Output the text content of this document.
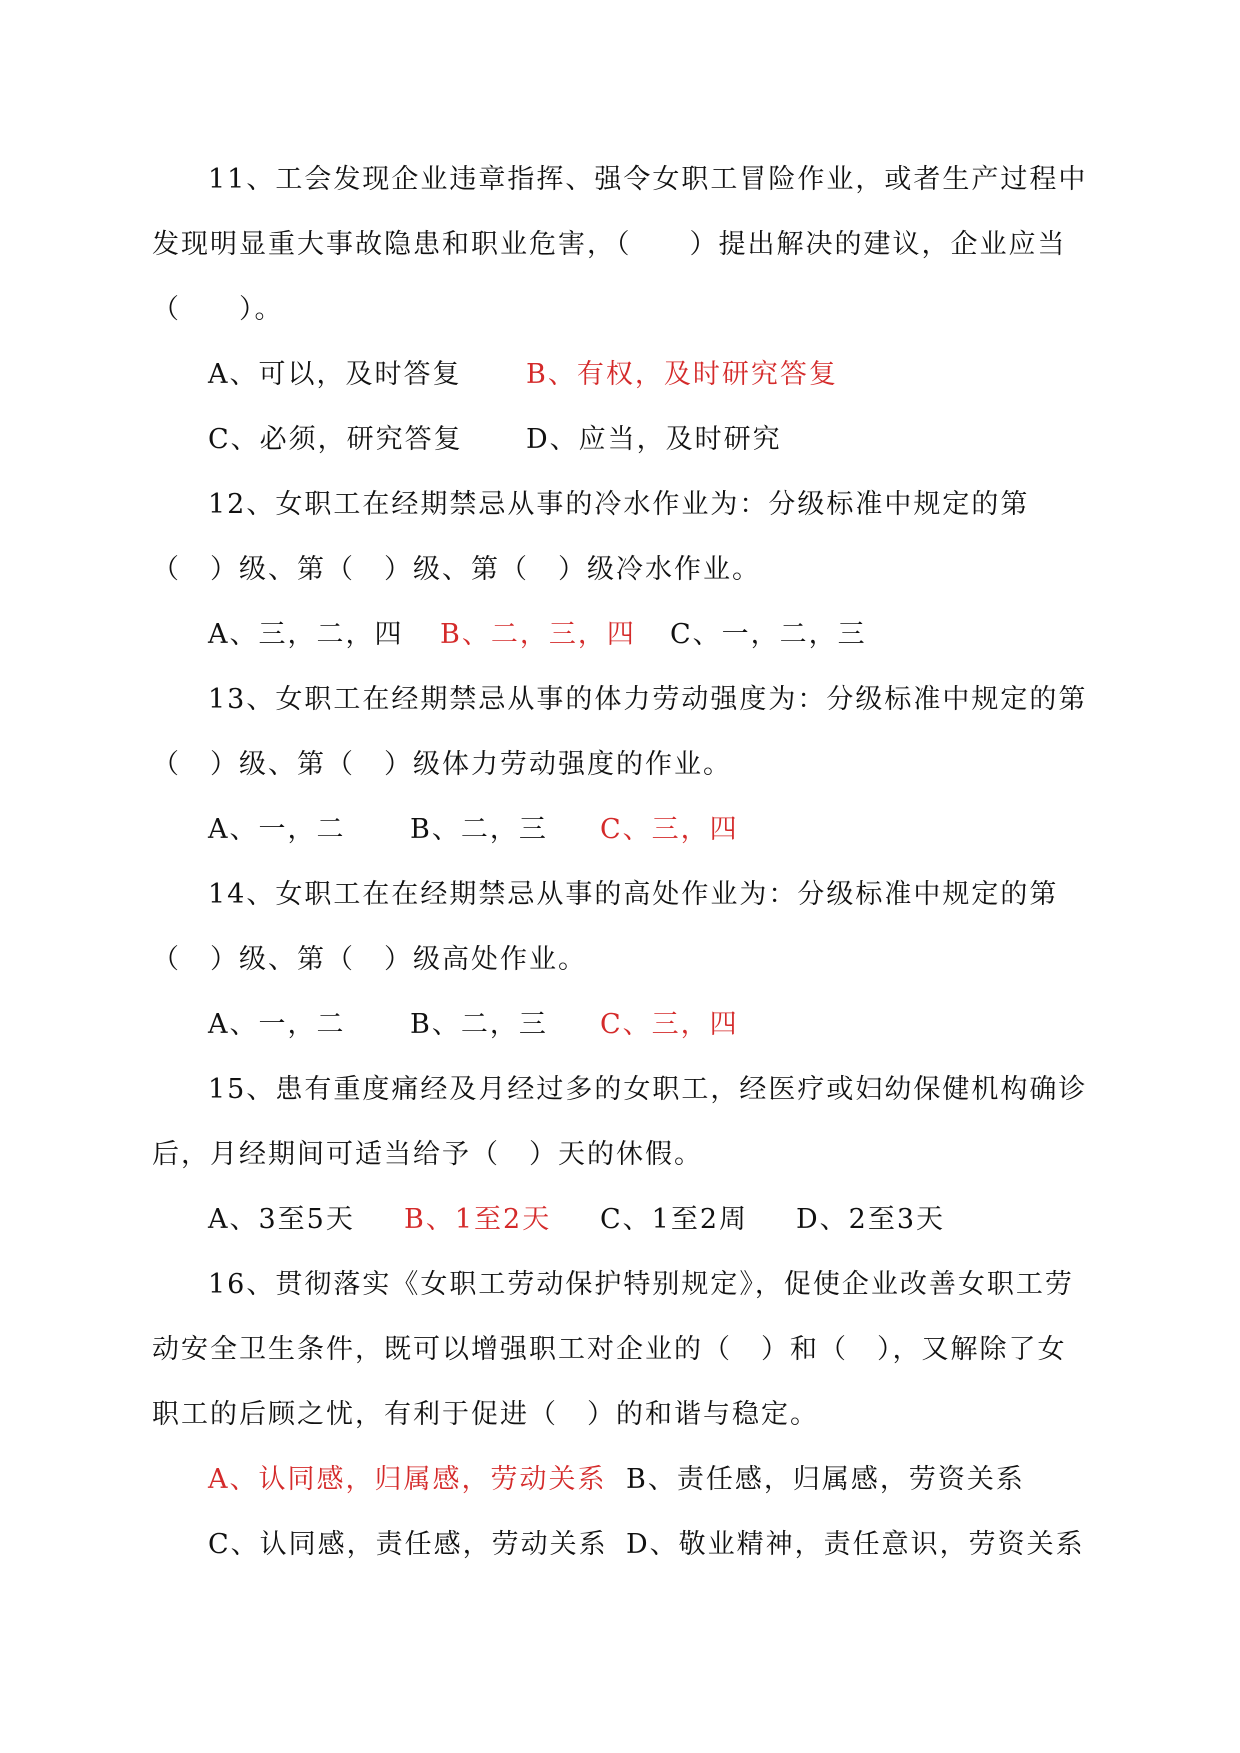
11、工会发现企业违章指挥、强令女职工冒险作业，或者生产过程中
发现明显重大事故隐患和职业危害，（　　）提出解决的建议，企业应当
（　　）。
A、可以，及时答复 B、有权，及时研究答复
C、必须，研究答复 D、应当，及时研究
12、女职工在经期禁忌从事的冷水作业为：分级标准中规定的第
（　）级、第（　）级、第（　）级冷水作业。
A、三，二，四 B、二，三，四 C、一，二，三
13、女职工在经期禁忌从事的体力劳动强度为：分级标准中规定的第
（　）级、第（　）级体力劳动强度的作业。
A、一，二 B、二，三 C、三，四
14、女职工在在经期禁忌从事的高处作业为：分级标准中规定的第
（　）级、第（　）级高处作业。
A、一，二 B、二，三 C、三，四
15、患有重度痛经及月经过多的女职工，经医疗或妇幼保健机构确诊
后，月经期间可适当给予（　）天的休假。
A、3至5天 B、1至2天 C、1至2周 D、2至3天
16、贯彻落实《女职工劳动保护特别规定》，促使企业改善女职工劳
动安全卫生条件，既可以增强职工对企业的（　）和（　），又解除了女
职工的后顾之忧，有利于促进（　）的和谐与稳定。
A、认同感，归属感，劳动关系 B、责任感，归属感，劳资关系
C、认同感，责任感，劳动关系 D、敬业精神，责任意识，劳资关系
